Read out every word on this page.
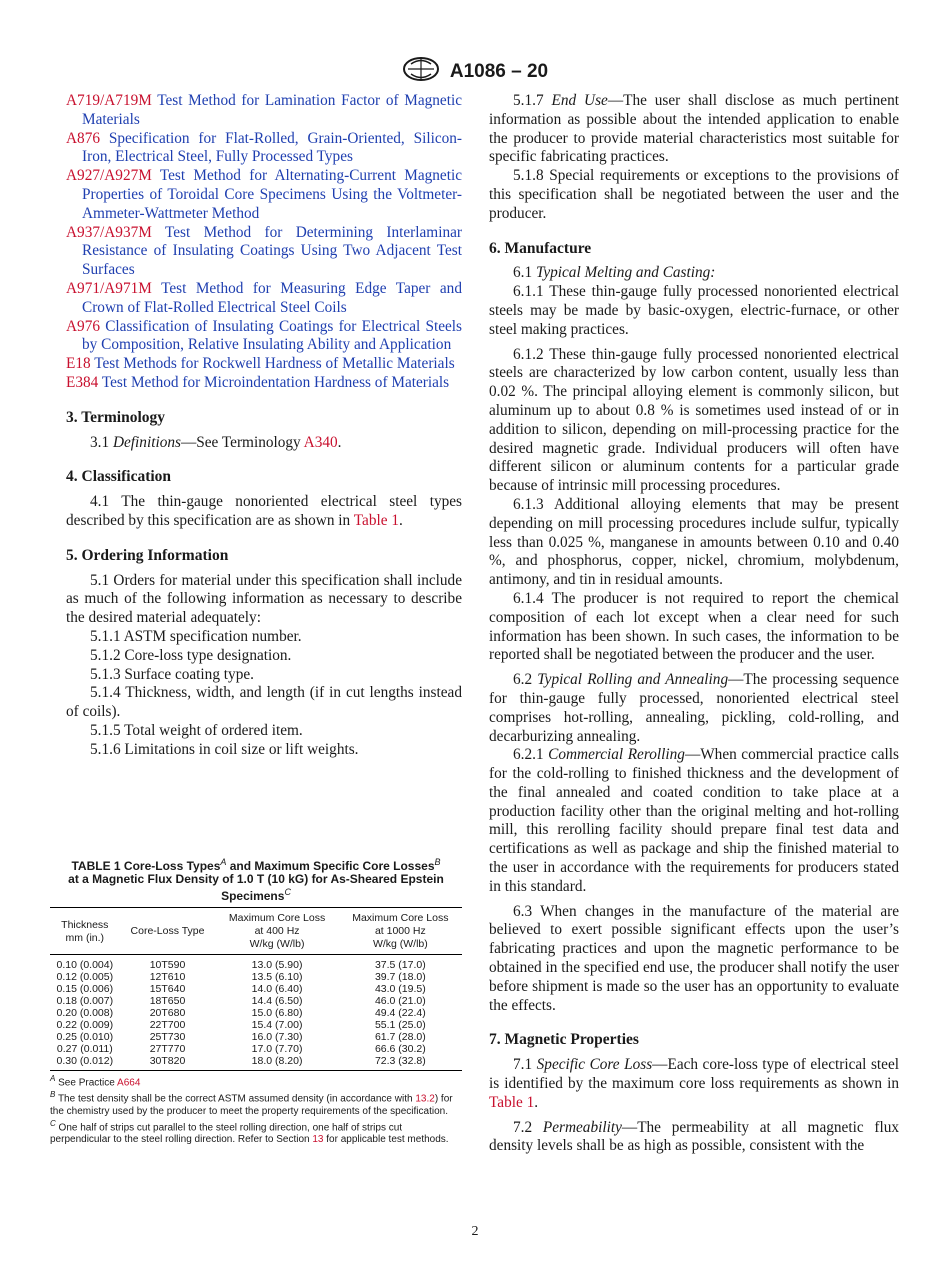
A1086 – 20

A719/A719M Test Method for Lamination Factor of Magnetic Materials

A876 Specification for Flat-Rolled, Grain-Oriented, Silicon-Iron, Electrical Steel, Fully Processed Types

A927/A927M Test Method for Alternating-Current Magnetic Properties of Toroidal Core Specimens Using the Voltmeter-Ammeter-Wattmeter Method

A937/A937M Test Method for Determining Interlaminar Resistance of Insulating Coatings Using Two Adjacent Test Surfaces

A971/A971M Test Method for Measuring Edge Taper and Crown of Flat-Rolled Electrical Steel Coils

A976 Classification of Insulating Coatings for Electrical Steels by Composition, Relative Insulating Ability and Application

E18 Test Methods for Rockwell Hardness of Metallic Materials

E384 Test Method for Microindentation Hardness of Materials

3. Terminology

3.1 Definitions—See Terminology A340.

4. Classification

4.1 The thin-gauge nonoriented electrical steel types described by this specification are as shown in Table 1.

5. Ordering Information

5.1 Orders for material under this specification shall include as much of the following information as necessary to describe the desired material adequately:

5.1.1 ASTM specification number.

5.1.2 Core-loss type designation.

5.1.3 Surface coating type.

5.1.4 Thickness, width, and length (if in cut lengths instead of coils).

5.1.5 Total weight of ordered item.

5.1.6 Limitations in coil size or lift weights.

TABLE 1 Core-Loss Types$^A$ and Maximum Specific Core Losses$^B$
at a Magnetic Flux Density of 1.0 T (10 kG) for As-Sheared Epstein Specimens$^C$

Thickness
mm (in.)	Core-Loss Type	Maximum Core Loss
at 400 Hz
W/kg (W/lb)	Maximum Core Loss
at 1000 Hz
W/kg (W/lb)
0.10 (0.004)	10T590	13.0 (5.90)	37.5 (17.0)
0.12 (0.005)	12T610	13.5 (6.10)	39.7 (18.0)
0.15 (0.006)	15T640	14.0 (6.40)	43.0 (19.5)
0.18 (0.007)	18T650	14.4 (6.50)	46.0 (21.0)
0.20 (0.008)	20T680	15.0 (6.80)	49.4 (22.4)
0.22 (0.009)	22T700	15.4 (7.00)	55.1 (25.0)
0.25 (0.010)	25T730	16.0 (7.30)	61.7 (28.0)
0.27 (0.011)	27T770	17.0 (7.70)	66.6 (30.2)
0.30 (0.012)	30T820	18.0 (8.20)	72.3 (32.8)

$^A$ See Practice A664

$^B$ The test density shall be the correct ASTM assumed density (in accordance with 13.2) for the chemistry used by the producer to meet the property requirements of the specification.

$^C$ One half of strips cut parallel to the steel rolling direction, one half of strips cut perpendicular to the steel rolling direction. Refer to Section 13 for applicable test methods.

5.1.7 End Use—The user shall disclose as much pertinent information as possible about the intended application to enable the producer to provide material characteristics most suitable for specific fabricating practices.

5.1.8 Special requirements or exceptions to the provisions of this specification shall be negotiated between the user and the producer.

6. Manufacture

6.1 Typical Melting and Casting:

6.1.1 These thin-gauge fully processed nonoriented electrical steels may be made by basic-oxygen, electric-furnace, or other steel making practices.

6.1.2 These thin-gauge fully processed nonoriented electrical steels are characterized by low carbon content, usually less than 0.02 %. The principal alloying element is commonly silicon, but aluminum up to about 0.8 % is sometimes used instead of or in addition to silicon, depending on mill-processing practice for the desired magnetic grade. Individual producers will often have different silicon or aluminum contents for a particular grade because of intrinsic mill processing procedures.

6.1.3 Additional alloying elements that may be present depending on mill processing procedures include sulfur, typically less than 0.025 %, manganese in amounts between 0.10 and 0.40 %, and phosphorus, copper, nickel, chromium, molybdenum, antimony, and tin in residual amounts.

6.1.4 The producer is not required to report the chemical composition of each lot except when a clear need for such information has been shown. In such cases, the information to be reported shall be negotiated between the producer and the user.

6.2 Typical Rolling and Annealing—The processing sequence for thin-gauge fully processed, nonoriented electrical steel comprises hot-rolling, annealing, pickling, cold-rolling, and decarburizing annealing.

6.2.1 Commercial Rerolling—When commercial practice calls for the cold-rolling to finished thickness and the development of the final annealed and coated condition to take place at a production facility other than the original melting and hot-rolling mill, this rerolling facility should prepare final test data and certifications as well as package and ship the finished material to the user in accordance with the requirements for producers stated in this standard.

6.3 When changes in the manufacture of the material are believed to exert possible significant effects upon the user’s fabricating practices and upon the magnetic performance to be obtained in the specified end use, the producer shall notify the user before shipment is made so the user has an opportunity to evaluate the effects.

7. Magnetic Properties

7.1 Specific Core Loss—Each core-loss type of electrical steel is identified by the maximum core loss requirements as shown in Table 1.

7.2 Permeability—The permeability at all magnetic flux density levels shall be as high as possible, consistent with the

2
